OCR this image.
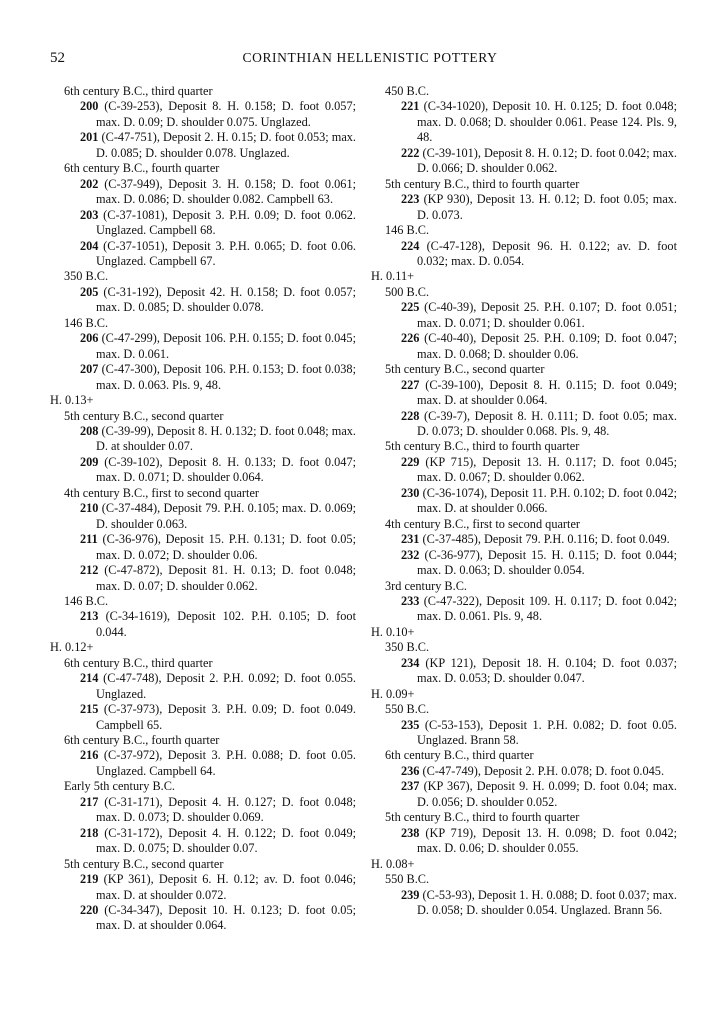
52	CORINTHIAN HELLENISTIC POTTERY

6th century B.C., third quarter

200 (C-39-253), Deposit 8. H. 0.158; D. foot 0.057; max. D. 0.09; D. shoulder 0.075. Unglazed.

201 (C-47-751), Deposit 2. H. 0.15; D. foot 0.053; max. D. 0.085; D. shoulder 0.078. Unglazed.

6th century B.C., fourth quarter

202 (C-37-949), Deposit 3. H. 0.158; D. foot 0.061; max. D. 0.086; D. shoulder 0.082. Campbell 63.

203 (C-37-1081), Deposit 3. P.H. 0.09; D. foot 0.062. Unglazed. Campbell 68.

204 (C-37-1051), Deposit 3. P.H. 0.065; D. foot 0.06. Unglazed. Campbell 67.

350 B.C.

205 (C-31-192), Deposit 42. H. 0.158; D. foot 0.057; max. D. 0.085; D. shoulder 0.078.

146 B.C.

206 (C-47-299), Deposit 106. P.H. 0.155; D. foot 0.045; max. D. 0.061.

207 (C-47-300), Deposit 106. P.H. 0.153; D. foot 0.038; max. D. 0.063. Pls. 9, 48.

H. 0.13+

5th century B.C., second quarter

208 (C-39-99), Deposit 8. H. 0.132; D. foot 0.048; max. D. at shoulder 0.07.

209 (C-39-102), Deposit 8. H. 0.133; D. foot 0.047; max. D. 0.071; D. shoulder 0.064.

4th century B.C., first to second quarter

210 (C-37-484), Deposit 79. P.H. 0.105; max. D. 0.069; D. shoulder 0.063.

211 (C-36-976), Deposit 15. P.H. 0.131; D. foot 0.05; max. D. 0.072; D. shoulder 0.06.

212 (C-47-872), Deposit 81. H. 0.13; D. foot 0.048; max. D. 0.07; D. shoulder 0.062.

146 B.C.

213 (C-34-1619), Deposit 102. P.H. 0.105; D. foot 0.044.

H. 0.12+

6th century B.C., third quarter

214 (C-47-748), Deposit 2. P.H. 0.092; D. foot 0.055. Unglazed.

215 (C-37-973), Deposit 3. P.H. 0.09; D. foot 0.049. Campbell 65.

6th century B.C., fourth quarter

216 (C-37-972), Deposit 3. P.H. 0.088; D. foot 0.05. Unglazed. Campbell 64.

Early 5th century B.C.

217 (C-31-171), Deposit 4. H. 0.127; D. foot 0.048; max. D. 0.073; D. shoulder 0.069.

218 (C-31-172), Deposit 4. H. 0.122; D. foot 0.049; max. D. 0.075; D. shoulder 0.07.

5th century B.C., second quarter

219 (KP 361), Deposit 6. H. 0.12; av. D. foot 0.046; max. D. at shoulder 0.072.

220 (C-34-347), Deposit 10. H. 0.123; D. foot 0.05; max. D. at shoulder 0.064.

450 B.C.

221 (C-34-1020), Deposit 10. H. 0.125; D. foot 0.048; max. D. 0.068; D. shoulder 0.061. Pease 124. Pls. 9, 48.

222 (C-39-101), Deposit 8. H. 0.12; D. foot 0.042; max. D. 0.066; D. shoulder 0.062.

5th century B.C., third to fourth quarter

223 (KP 930), Deposit 13. H. 0.12; D. foot 0.05; max. D. 0.073.

146 B.C.

224 (C-47-128), Deposit 96. H. 0.122; av. D. foot 0.032; max. D. 0.054.

H. 0.11+

500 B.C.

225 (C-40-39), Deposit 25. P.H. 0.107; D. foot 0.051; max. D. 0.071; D. shoulder 0.061.

226 (C-40-40), Deposit 25. P.H. 0.109; D. foot 0.047; max. D. 0.068; D. shoulder 0.06.

5th century B.C., second quarter

227 (C-39-100), Deposit 8. H. 0.115; D. foot 0.049; max. D. at shoulder 0.064.

228 (C-39-7), Deposit 8. H. 0.111; D. foot 0.05; max. D. 0.073; D. shoulder 0.068. Pls. 9, 48.

5th century B.C., third to fourth quarter

229 (KP 715), Deposit 13. H. 0.117; D. foot 0.045; max. D. 0.067; D. shoulder 0.062.

230 (C-36-1074), Deposit 11. P.H. 0.102; D. foot 0.042; max. D. at shoulder 0.066.

4th century B.C., first to second quarter

231 (C-37-485), Deposit 79. P.H. 0.116; D. foot 0.049.

232 (C-36-977), Deposit 15. H. 0.115; D. foot 0.044; max. D. 0.063; D. shoulder 0.054.

3rd century B.C.

233 (C-47-322), Deposit 109. H. 0.117; D. foot 0.042; max. D. 0.061. Pls. 9, 48.

H. 0.10+

350 B.C.

234 (KP 121), Deposit 18. H. 0.104; D. foot 0.037; max. D. 0.053; D. shoulder 0.047.

H. 0.09+

550 B.C.

235 (C-53-153), Deposit 1. P.H. 0.082; D. foot 0.05. Unglazed. Brann 58.

6th century B.C., third quarter

236 (C-47-749), Deposit 2. P.H. 0.078; D. foot 0.045.

237 (KP 367), Deposit 9. H. 0.099; D. foot 0.04; max. D. 0.056; D. shoulder 0.052.

5th century B.C., third to fourth quarter

238 (KP 719), Deposit 13. H. 0.098; D. foot 0.042; max. D. 0.06; D. shoulder 0.055.

H. 0.08+

550 B.C.

239 (C-53-93), Deposit 1. H. 0.088; D. foot 0.037; max. D. 0.058; D. shoulder 0.054. Unglazed. Brann 56.
